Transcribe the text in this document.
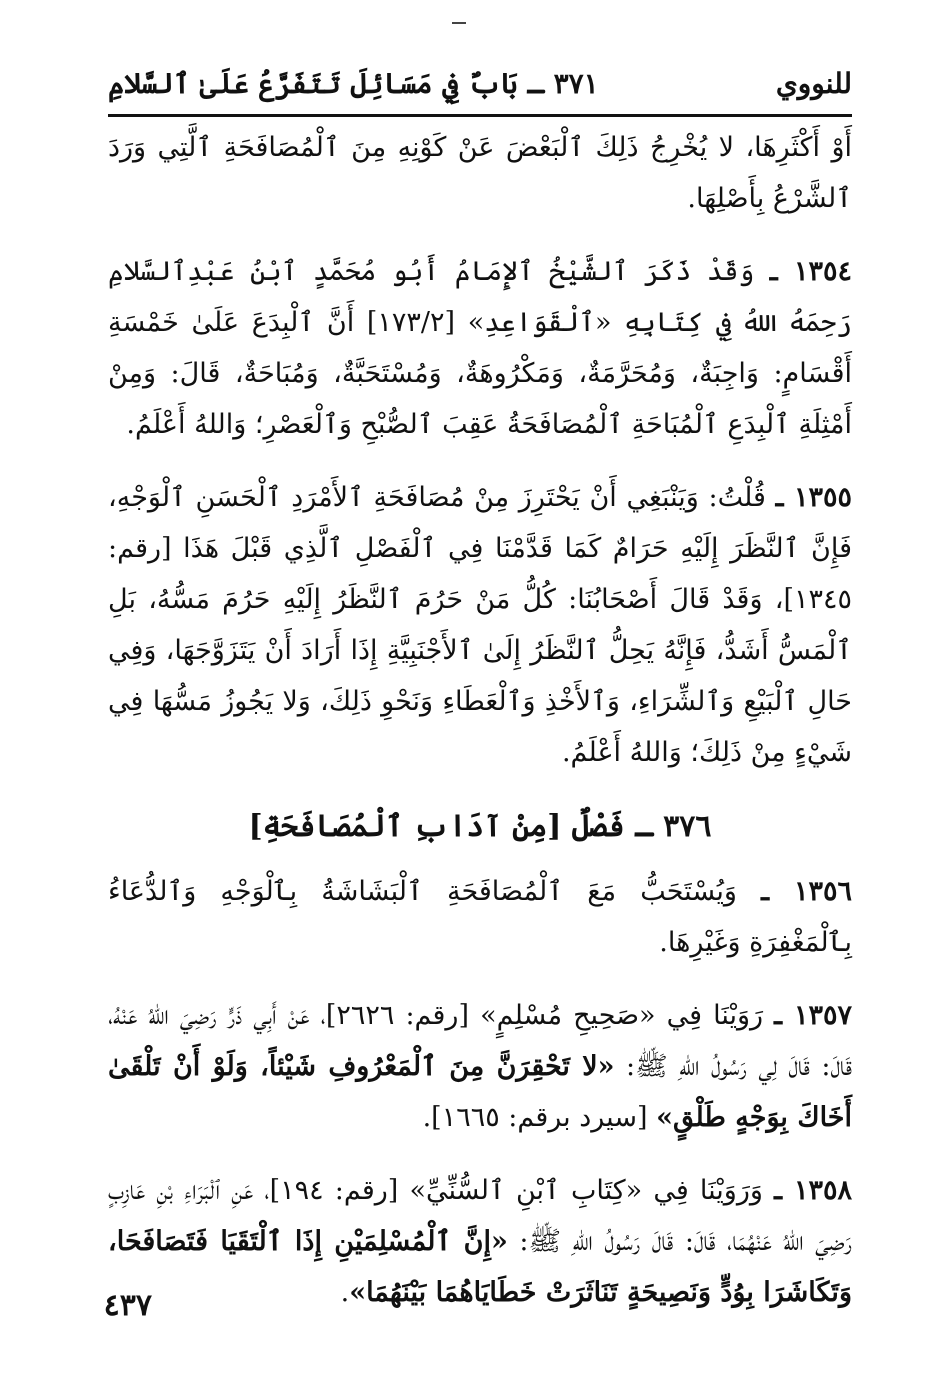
للنووي
٣٧١ ـ بَابٌ فِي مَسَائِلَ تَتَفَرَّعُ عَلَىٰ ٱلسَّلامِ

أَوْ أَكْثَرِهَا، لا يُخْرِجُ ذَلِكَ ٱلْبَعْضَ عَنْ كَوْنِهِ مِنَ ٱلْمُصَافَحَةِ ٱلَّتِي وَرَدَ ٱلشَّرْعُ بِأَصْلِهَا.

١٣٥٤ ـ وَقَدْ ذَكَرَ ٱلشَّيْخُ ٱلإِمَامُ أَبُو مُحَمَّدٍ ٱبْنُ عَبْدِٱلسَّلامِ رَحِمَهُ اللهُ فِي كِتَابِهِ «ٱلْقَوَاعِدِ» [١٧٣/٢] أَنَّ ٱلْبِدَعَ عَلَىٰ خَمْسَةِ أَقْسَامٍ: وَاجِبَةٌ، وَمُحَرَّمَةٌ، وَمَكْرُوهَةٌ، وَمُسْتَحَبَّةٌ، وَمُبَاحَةٌ، قَالَ: وَمِنْ أَمْثِلَةِ ٱلْبِدَعِ ٱلْمُبَاحَةِ ٱلْمُصَافَحَةُ عَقِبَ ٱلصُّبْحِ وَٱلْعَصْرِ؛ وَاللهُ أَعْلَمُ.

١٣٥٥ ـ قُلْتُ: وَيَنْبَغِي أَنْ يَحْتَرِزَ مِنْ مُصَافَحَةِ ٱلأَمْرَدِ ٱلْحَسَنِ ٱلْوَجْهِ، فَإِنَّ ٱلنَّظَرَ إِلَيْهِ حَرَامٌ كَمَا قَدَّمْنَا فِي ٱلْفَصْلِ ٱلَّذِي قَبْلَ هَذَا [رقم: ١٣٤٥]، وَقَدْ قَالَ أَصْحَابُنَا: كُلُّ مَنْ حَرُمَ ٱلنَّظَرُ إِلَيْهِ حَرُمَ مَسُّهُ، بَلِ ٱلْمَسُّ أَشَدُّ، فَإِنَّهُ يَحِلُّ ٱلنَّظَرُ إِلَىٰ ٱلأَجْنَبِيَّةِ إِذَا أَرَادَ أَنْ يَتَزَوَّجَهَا، وَفِي حَالِ ٱلْبَيْعِ وَٱلشِّرَاءِ، وَٱلأَخْذِ وَٱلْعَطَاءِ وَنَحْوِ ذَلِكَ، وَلا يَجُوزُ مَسُّهَا فِي شَيْءٍ مِنْ ذَلِكَ؛ وَاللهُ أَعْلَمُ.

٣٧٦ ـ فَصْلٌ [مِنْ آدَابِ ٱلْمُصَافَحَةِ]

١٣٥٦ ـ وَيُسْتَحَبُّ مَعَ ٱلْمُصَافَحَةِ ٱلْبَشَاشَةُ بِٱلْوَجْهِ وَٱلدُّعَاءُ بِٱلْمَغْفِرَةِ وَغَيْرِهَا.

١٣٥٧ ـ رَوَيْنَا فِي «صَحِيحِ مُسْلِمٍ» [رقم: ٢٦٢٦]، عَنْ أَبِي ذَرٍّ رَضِيَ اللهُ عَنْهُ، قَالَ: قَالَ لِي رَسُولُ اللهِ ﷺ: «لا تَحْقِرَنَّ مِنَ ٱلْمَعْرُوفِ شَيْئاً، وَلَوْ أَنْ تَلْقَىٰ أَخَاكَ بِوَجْهٍ طَلْقٍ» [سيرد برقم: ١٦٦٥].

١٣٥٨ ـ وَرَوَيْنَا فِي «كِتَابِ ٱبْنِ ٱلسُّنِّيِّ» [رقم: ١٩٤]، عَنِ ٱلْبَرَاءِ بْنِ عَازِبٍ رَضِيَ اللهُ عَنْهُمَا، قَالَ: قَالَ رَسُولُ اللهِ ﷺ: «إِنَّ ٱلْمُسْلِمَيْنِ إِذَا ٱلْتَقَيَا فَتَصَافَحَا، وَتَكَاشَرَا بِوُدٍّ وَنَصِيحَةٍ تَنَاثَرَتْ خَطَايَاهُمَا بَيْنَهُمَا».

٤٣٧
